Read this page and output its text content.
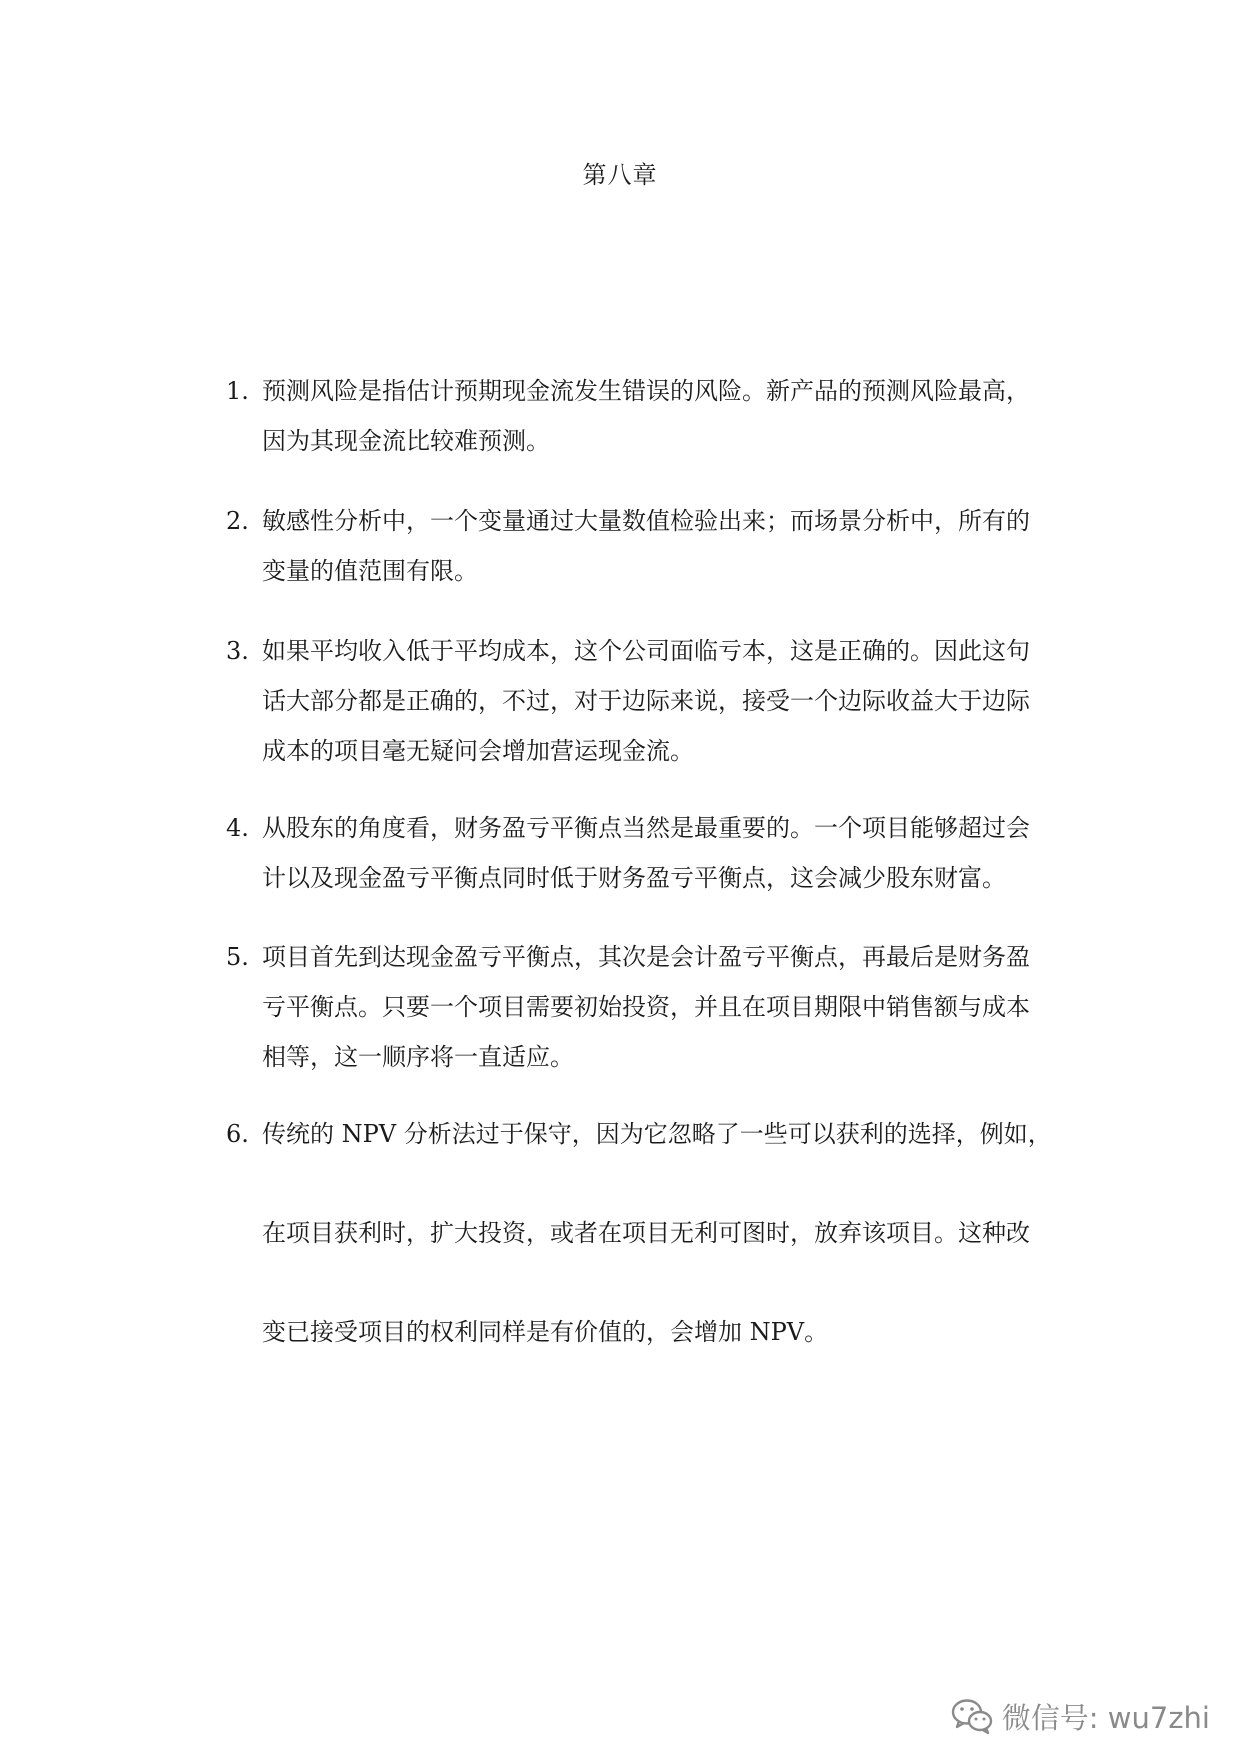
第八章
1. 预测风险是指估计预期现金流发生错误的风险。新产品的预测风险最高，因为其现金流比较难预测。
2. 敏感性分析中，一个变量通过大量数值检验出来；而场景分析中，所有的变量的值范围有限。
3. 如果平均收入低于平均成本，这个公司面临亏本，这是正确的。因此这句话大部分都是正确的，不过，对于边际来说，接受一个边际收益大于边际成本的项目毫无疑问会增加营运现金流。
4. 从股东的角度看，财务盈亏平衡点当然是最重要的。一个项目能够超过会计以及现金盈亏平衡点同时低于财务盈亏平衡点，这会减少股东财富。
5. 项目首先到达现金盈亏平衡点，其次是会计盈亏平衡点，再最后是财务盈亏平衡点。只要一个项目需要初始投资，并且在项目期限中销售额与成本相等，这一顺序将一直适应。
6. 传统的 NPV 分析法过于保守，因为它忽略了一些可以获利的选择，例如，在项目获利时，扩大投资，或者在项目无利可图时，放弃该项目。这种改变已接受项目的权利同样是有价值的，会增加 NPV。
微信号: wu7zhi
